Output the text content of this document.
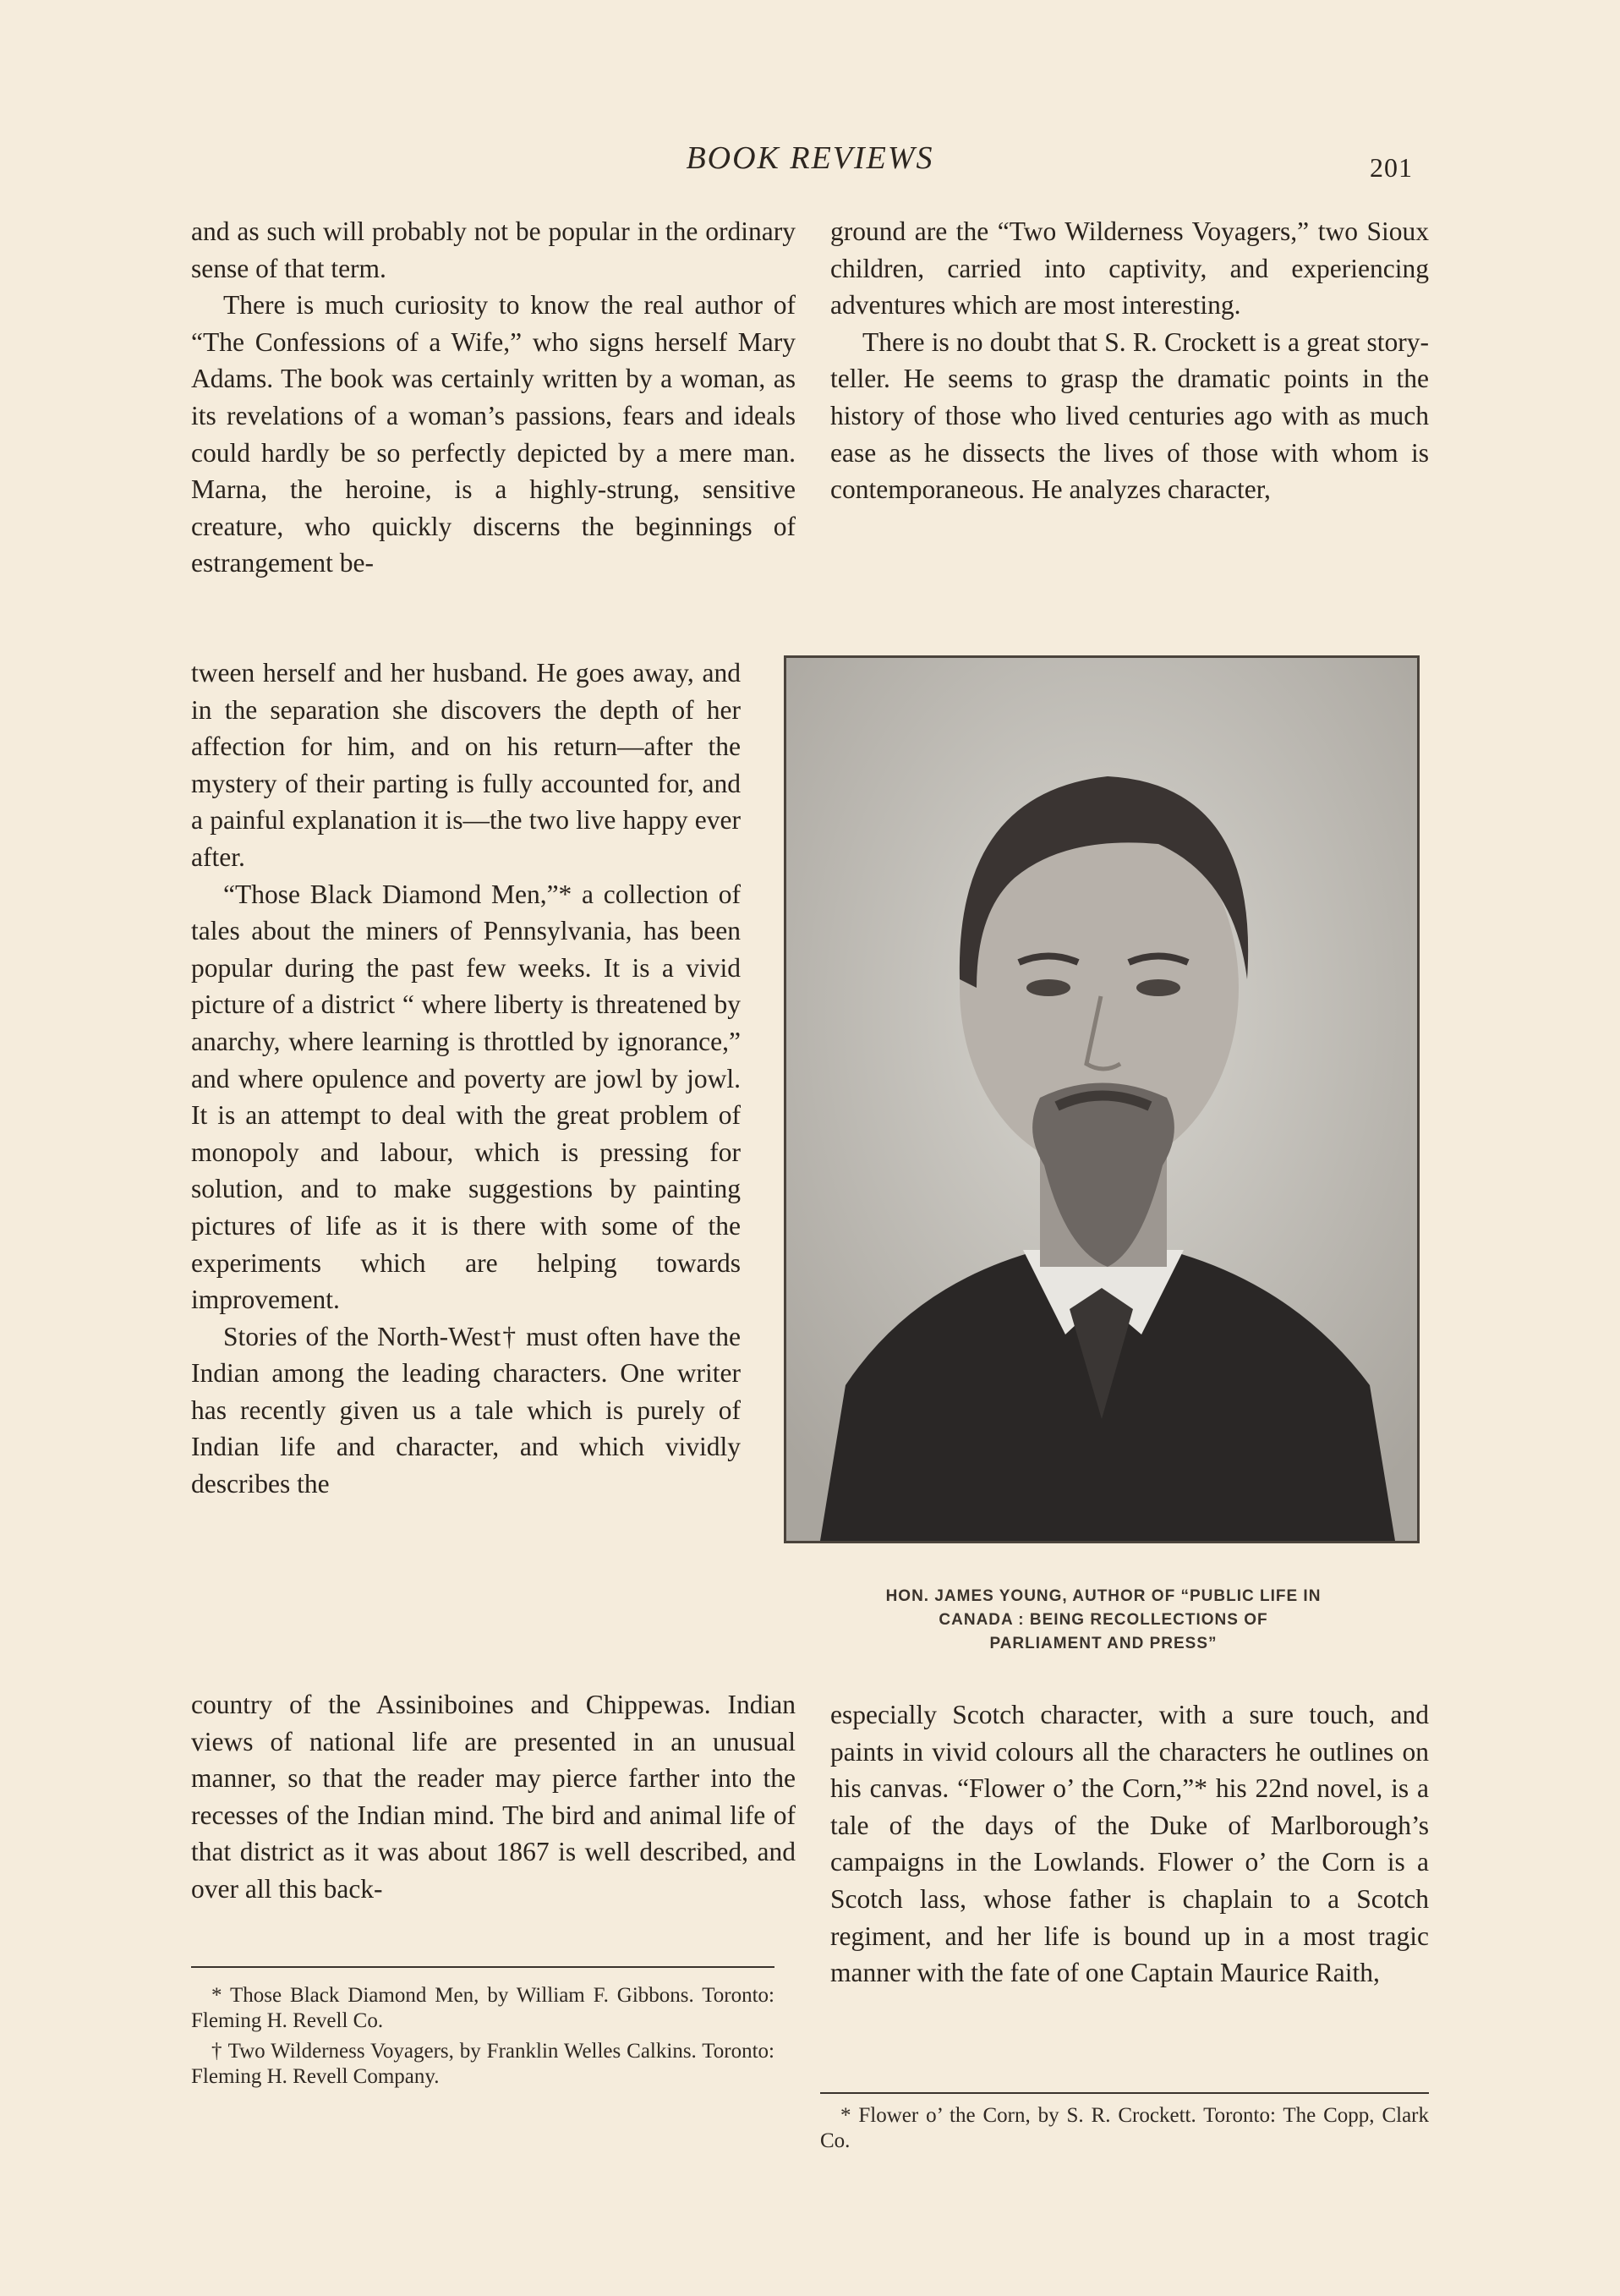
BOOK REVIEWS	201

and as such will probably not be popular in the ordinary sense of that term.

There is much curiosity to know the real author of “The Confessions of a Wife,” who signs herself Mary Adams. The book was certainly written by a woman, as its revelations of a woman’s passions, fears and ideals could hardly be so perfectly depicted by a mere man. Marna, the heroine, is a highly-strung, sensitive creature, who quickly discerns the beginnings of estrangement be-

tween herself and her husband. He goes away, and in the separation she discovers the depth of her affection for him, and on his return—after the mystery of their parting is fully accounted for, and a painful explanation it is—the two live happy ever after.

“Those Black Diamond Men,”* a collection of tales about the miners of Pennsylvania, has been popular during the past few weeks. It is a vivid picture of a district “ where liberty is threatened by anarchy, where learning is throttled by ignorance,” and where opulence and poverty are jowl by jowl. It is an attempt to deal with the great problem of monopoly and labour, which is pressing for solution, and to make suggestions by painting pictures of life as it is there with some of the experiments which are helping towards improvement.

Stories of the North-West† must often have the Indian among the leading characters. One writer has recently given us a tale which is purely of Indian life and character, and which vividly describes the

country of the Assiniboines and Chippewas. Indian views of national life are presented in an unusual manner, so that the reader may pierce farther into the recesses of the Indian mind. The bird and animal life of that district as it was about 1867 is well described, and over all this back-

ground are the “Two Wilderness Voyagers,” two Sioux children, carried into captivity, and experiencing adventures which are most interesting.

There is no doubt that S. R. Crockett is a great story-teller. He seems to grasp the dramatic points in the history of those who lived centuries ago with as much ease as he dissects the lives of those with whom is contemporaneous. He analyzes character,

HON. JAMES YOUNG, AUTHOR OF “PUBLIC LIFE IN
CANADA : BEING RECOLLECTIONS OF
PARLIAMENT AND PRESS”

especially Scotch character, with a sure touch, and paints in vivid colours all the characters he outlines on his canvas. “Flower o’ the Corn,”* his 22nd novel, is a tale of the days of the Duke of Marlborough’s campaigns in the Lowlands. Flower o’ the Corn is a Scotch lass, whose father is chaplain to a Scotch regiment, and her life is bound up in a most tragic manner with the fate of one Captain Maurice Raith,

* Those Black Diamond Men, by William F. Gibbons. Toronto: Fleming H. Revell Co.

† Two Wilderness Voyagers, by Franklin Welles Calkins. Toronto: Fleming H. Revell Company.

* Flower o’ the Corn, by S. R. Crockett. Toronto: The Copp, Clark Co.
